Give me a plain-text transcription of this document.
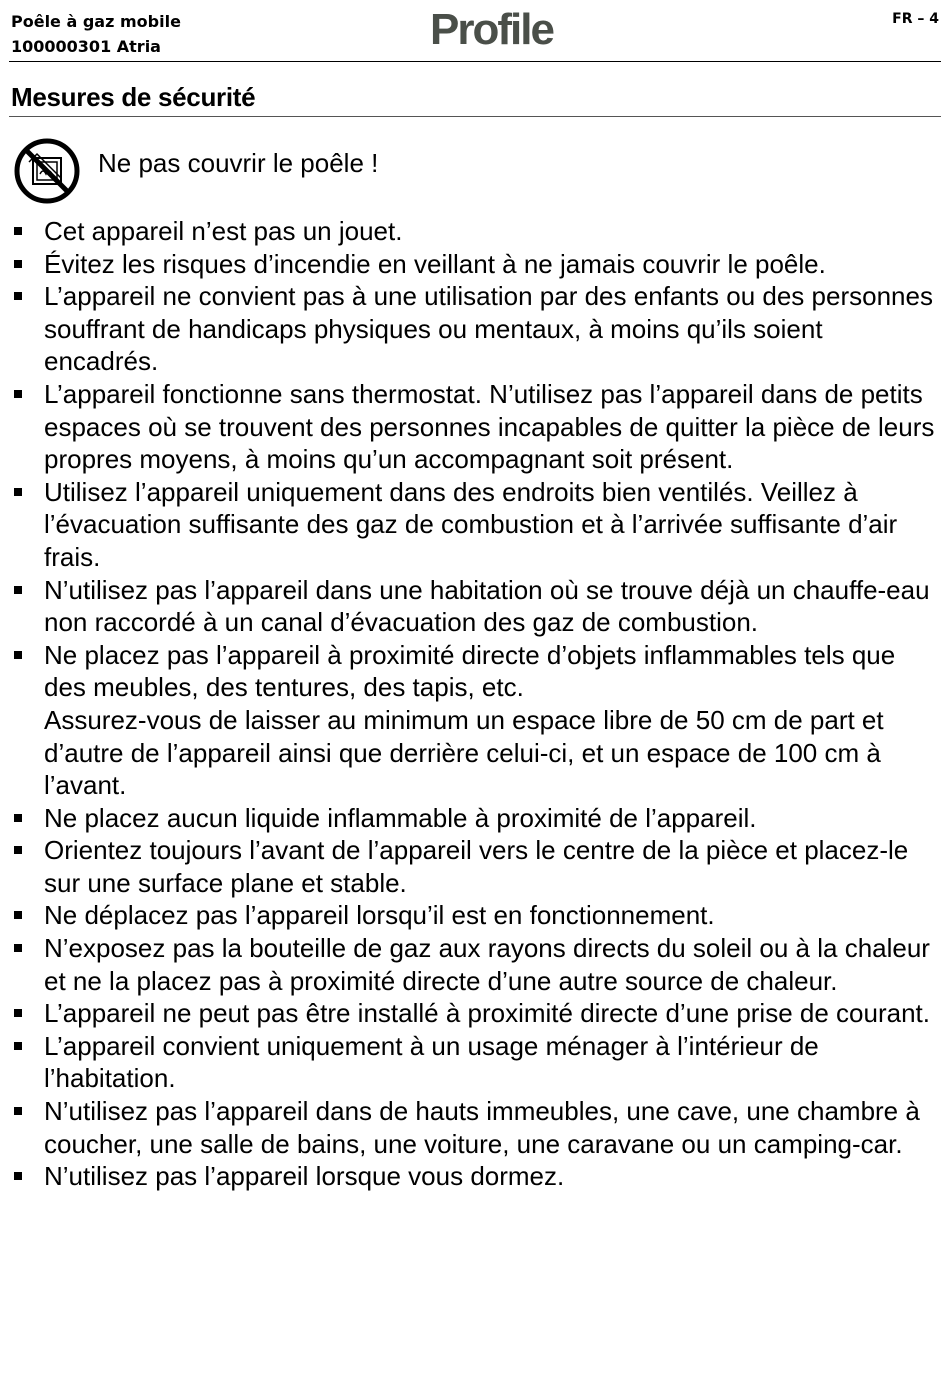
Poêle à gaz mobile
100000301 Atria	Profile	FR – 4
Mesures de sécurité
Ne pas couvrir le poêle !
Cet appareil n’est pas un jouet.
Évitez les risques d’incendie en veillant à ne jamais couvrir le poêle.
L’appareil ne convient pas à une utilisation par des enfants ou des personnes souffrant de handicaps physiques ou mentaux, à moins qu’ils soient encadrés.
L’appareil fonctionne sans thermostat. N’utilisez pas l’appareil dans de petits espaces où se trouvent des personnes incapables de quitter la pièce de leurs propres moyens, à moins qu’un accompagnant soit présent.
Utilisez l’appareil uniquement dans des endroits bien ventilés. Veillez à l’évacuation suffisante des gaz de combustion et à l’arrivée suffisante d’air frais.
N’utilisez pas l’appareil dans une habitation où se trouve déjà un chauffe-eau non raccordé à un canal d’évacuation des gaz de combustion.
Ne placez pas l’appareil à proximité directe d’objets inflammables tels que des meubles, des tentures, des tapis, etc.
Assurez-vous de laisser au minimum un espace libre de 50 cm de part et d’autre de l’appareil ainsi que derrière celui-ci, et un espace de 100 cm à l’avant.
Ne placez aucun liquide inflammable à proximité de l’appareil.
Orientez toujours l’avant de l’appareil vers le centre de la pièce et placez-le sur une surface plane et stable.
Ne déplacez pas l’appareil lorsqu’il est en fonctionnement.
N’exposez pas la bouteille de gaz aux rayons directs du soleil ou à la chaleur et ne la placez pas à proximité directe d’une autre source de chaleur.
L’appareil ne peut pas être installé à proximité directe d’une prise de courant.
L’appareil convient uniquement à un usage ménager à l’intérieur de l’habitation.
N’utilisez pas l’appareil dans de hauts immeubles, une cave, une chambre à coucher, une salle de bains, une voiture, une caravane ou un camping-car.
N’utilisez pas l’appareil lorsque vous dormez.
